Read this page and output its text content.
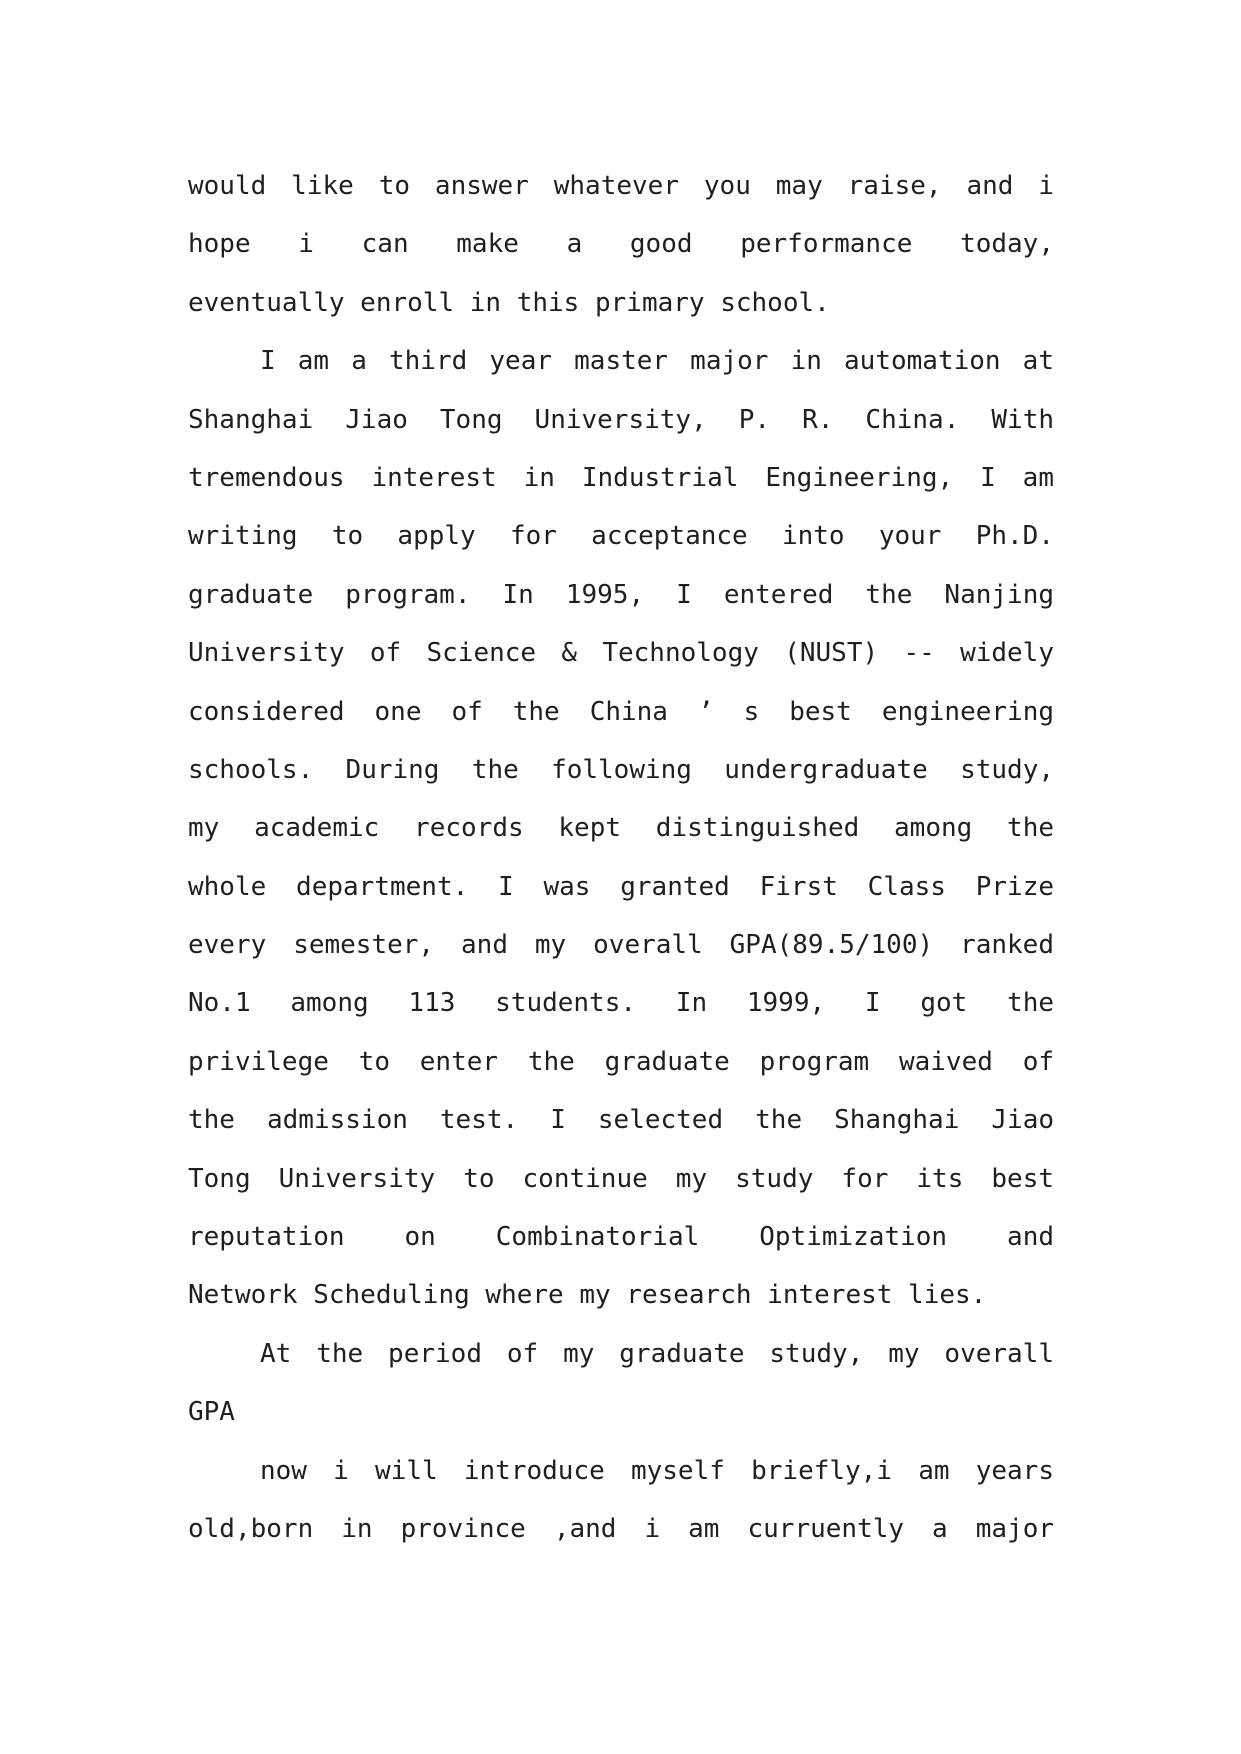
would like to answer whatever you may raise, and i
hope i can make a good performance today,
eventually enroll in this primary school.
I am a third year master major in automation at
Shanghai Jiao Tong University, P. R. China. With
tremendous interest in Industrial Engineering, I am
writing to apply for acceptance into your Ph.D.
graduate program. In 1995, I entered the Nanjing
University of Science & Technology (NUST) -- widely
considered one of the China ’ s best engineering
schools. During the following undergraduate study,
my academic records kept distinguished among the
whole department. I was granted First Class Prize
every semester, and my overall GPA(89.5/100) ranked
No.1 among 113 students. In 1999, I got the
privilege to enter the graduate program waived of
the admission test. I selected the Shanghai Jiao
Tong University to continue my study for its best
reputation on Combinatorial Optimization and
Network Scheduling where my research interest lies.
At the period of my graduate study, my overall
GPA
now i will introduce myself briefly,i am years
old,born in province ,and i am curruently a major
